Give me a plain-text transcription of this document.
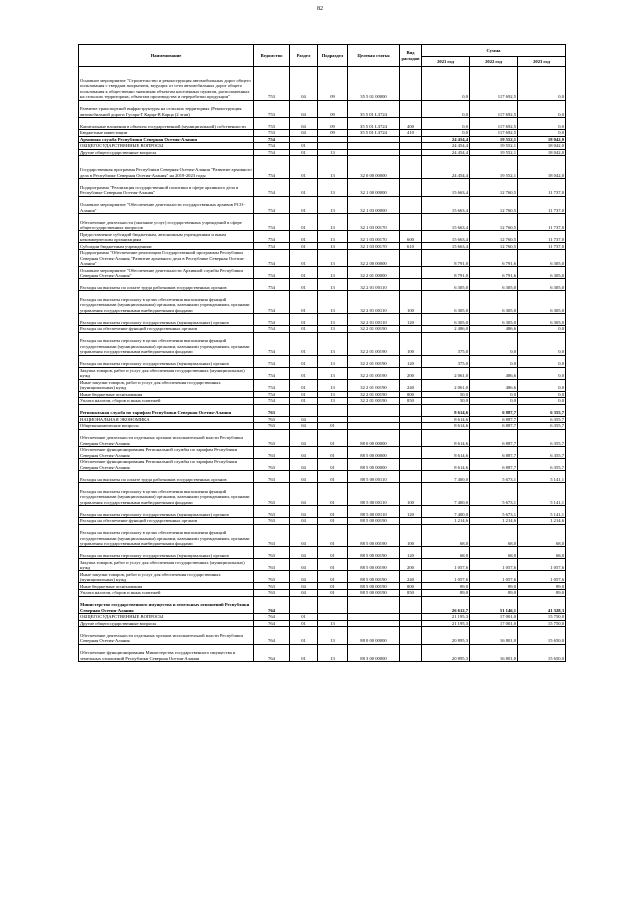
82
Наименование	Ведомство	Раздел	Подраздел	Целевая статья	Вид расходов	Сумма		
						2021 год	2022 год	2023 год
Основное мероприятие "Строительство и реконструкция автомобильных дорог общего пользования с твердым покрытием, ведущих от сети автомобильных дорог общего пользования к общественно значимым объектам населенных пунктов, расположенных на сельских территориях, объектам производства и переработки продукции"	753	04	09	35 5 01 00000		0,0	117 692,5	0,0
Развитие транспортной инфраструктуры на сельских территориях (Реконструкция автомобильной дороги Гусара-Г Карца-В Карца (2 этап)	753	04	09	35 5 01 L3724		0,0	117 692,5	0,0
Капитальные вложения в объекты государственной (муниципальной) собственности	753	04	09	35 5 01 L3724	400	0,0	117 692,5	0,0
Бюджетные инвестиции	753	04	09	35 5 01 L3724	410	0,0	117 692,5	0,0
Архивная служба Республики Северная Осетия-Алания	754					24 454,4	19 552,1	18 042,0
ОБЩЕГОСУДАРСТВЕННЫЕ ВОПРОСЫ	754	01				24 454,4	19 552,1	18 042,0
Другие общегосударственные вопросы	754	01	13			24 454,4	19 552,1	18 042,0
Государственная программа Республики Северная Осетия-Алания "Развитие архивного дела в Республике Северная Осетия-Алания" на 2019-2023 годы	754	01	13	32 0 00 00000		24 454,4	19 552,1	18 042,0
Подпрограмма "Реализация государственной политики в сфере архивного дела в Республике Северная Осетия-Алания"	754	01	13	32 1 00 00000		15 663,4	12 760,5	11 737,0
Основное мероприятие "Обеспечение деятельности государственных архивов РСО-Алания"	754	01	13	32 1 03 00000		15 663,4	12 760,5	11 737,0
Обеспечение деятельности (оказание услуг) государственных учреждений в сфере общегосударственных вопросов	754	01	13	32 1 03 00170		15 663,4	12 760,5	11 737,0
Предоставление субсидий бюджетным, автономным учреждениям и иным некоммерческим организациям	754	01	13	32 1 03 00170	600	15 663,4	12 760,5	11 737,0
Субсидии бюджетным учреждениям	754	01	13	32 1 03 00170	610	15 663,4	12 760,5	11 737,0
Подпрограмма "Обеспечение реализации Государственной программы Республики Северная Осетия-Алания "Развитие архивного дела в Республике Северная Осетия-Алания"	754	01	13	32 2 00 00000		8 791,0	6 791,6	6 305,0
Основное мероприятие "Обеспечение деятельности Архивной службы Республики Северная Осетия-Алания"	754	01	13	32 2 01 00000		8 791,0	6 791,6	6 305,0
Расходы на выплаты по оплате труда работников государственных органов	754	01	13	32 2 01 00110		6 305,0	6 305,0	6 305,0
Расходы на выплаты персоналу в целях обеспечения выполнения функций государственными (муниципальными) органами, казенными учреждениями, органами управления государственными внебюджетными фондами	754	01	13	32 2 01 00110	100	6 305,0	6 305,0	6 305,0
Расходы на выплаты персоналу государственных (муниципальных) органов	754	01	13	32 2 01 00110	120	6 305,0	6 305,0	6 305,0
Расходы на обеспечение функций государственных органов	754	01	13	32 2 01 00190		2 486,0	486,6	0,0
Расходы на выплаты персоналу в целях обеспечения выполнения функций государственными (муниципальными) органами, казенными учреждениями, органами управления государственными внебюджетными фондами	754	01	13	32 2 01 00190	100	375,0	0,0	0,0
Расходы на выплаты персоналу государственных (муниципальных) органов	754	01	13	32 2 01 00190	120	375,0	0,0	0,0
Закупка товаров, работ и услуг для обеспечения государственных (муниципальных) нужд	754	01	13	32 2 01 00190	200	2 061,0	486,6	0,0
Иные закупки товаров, работ и услуг для обеспечения государственных (муниципальных) нужд	754	01	13	32 2 01 00190	240	2 061,0	486,6	0,0
Иные бюджетные ассигнования	754	01	13	32 2 01 00190	800	50,0	0,0	0,0
Уплата налогов, сборов и иных платежей	754	01	13	32 2 01 00190	850	50,0	0,0	0,0
Региональная служба по тарифам Республики Северная Осетия-Алания	763					8 614,6	6 887,7	6 355,7
НАЦИОНАЛЬНАЯ ЭКОНОМИКА	763	04				8 614,6	6 887,7	6 355,7
Общеэкономические вопросы	763	04	01			8 614,6	6 887,7	6 355,7
Обеспечение деятельности отдельных органов исполнительной власти Республики Северная Осетия-Алания	763	04	01	88 0 00 00000		8 614,6	6 887,7	6 355,7
Обеспечение функционирования Региональной службы по тарифам Республики Северная Осетия-Алания	763	04	01	88 5 00 00000		8 614,6	6 887,7	6 355,7
Обеспечение функционирования Региональной службы по тарифам Республики Северная Осетия-Алания	763	04	01	88 5 00 00000		8 614,6	6 887,7	6 355,7
Расходы на выплаты по оплате труда работников государственных органов	763	04	01	88 5 00 00110		7 400,0	5 673,1	5 141,1
Расходы на выплаты персоналу в целях обеспечения выполнения функций государственными (муниципальными) органами, казенными учреждениями, органами управления государственными внебюджетными фондами	763	04	01	88 5 00 00110	100	7 400,0	5 673,1	5 141,1
Расходы на выплаты персоналу государственных (муниципальных) органов	763	04	01	88 5 00 00110	120	7 400,0	5 673,1	5 141,1
Расходы на обеспечение функций государственных органов	763	04	01	88 5 00 00190		1 214,6	1 214,6	1 214,6
Расходы на выплаты персоналу в целях обеспечения выполнения функций государственными (муниципальными) органами, казенными учреждениями, органами управления государственными внебюджетными фондами	763	04	01	88 5 00 00190	100	68,0	68,0	68,0
Расходы на выплаты персоналу государственных (муниципальных) органов	763	04	01	88 5 00 00190	120	68,0	68,0	68,0
Закупка товаров, работ и услуг для обеспечения государственных (муниципальных) нужд	763	04	01	88 5 00 00190	200	1 057,6	1 057,6	1 057,6
Иные закупки товаров, работ и услуг для обеспечения государственных (муниципальных) нужд	763	04	01	88 5 00 00190	240	1 057,6	1 057,6	1 057,6
Иные бюджетные ассигнования	763	04	01	88 5 00 00190	800	89,0	89,0	89,0
Уплата налогов, сборов и иных платежей	763	04	01	88 5 00 00190	850	89,0	89,0	89,0
Министерство государственного имущества и земельных отношений Республики Северная Осетия-Алания	764					26 612,7	51 146,1	41 328,3
ОБЩЕГОСУДАРСТВЕННЫЕ ВОПРОСЫ	764	01				21 195,3	17 001,0	15 750,0
Другие общегосударственные вопросы	764	01	13			21 195,3	17 001,0	15 750,0
Обеспечение деятельности отдельных органов исполнительной власти Республики Северная Осетия-Алания	764	01	13	88 0 00 00000		20 895,3	16 801,0	15 650,0
Обеспечение функционирования Министерства государственного имущества и земельных отношений Республики Северная Осетия-Алания	764	01	13	88 3 00 00000		20 895,3	16 801,0	15 650,0
